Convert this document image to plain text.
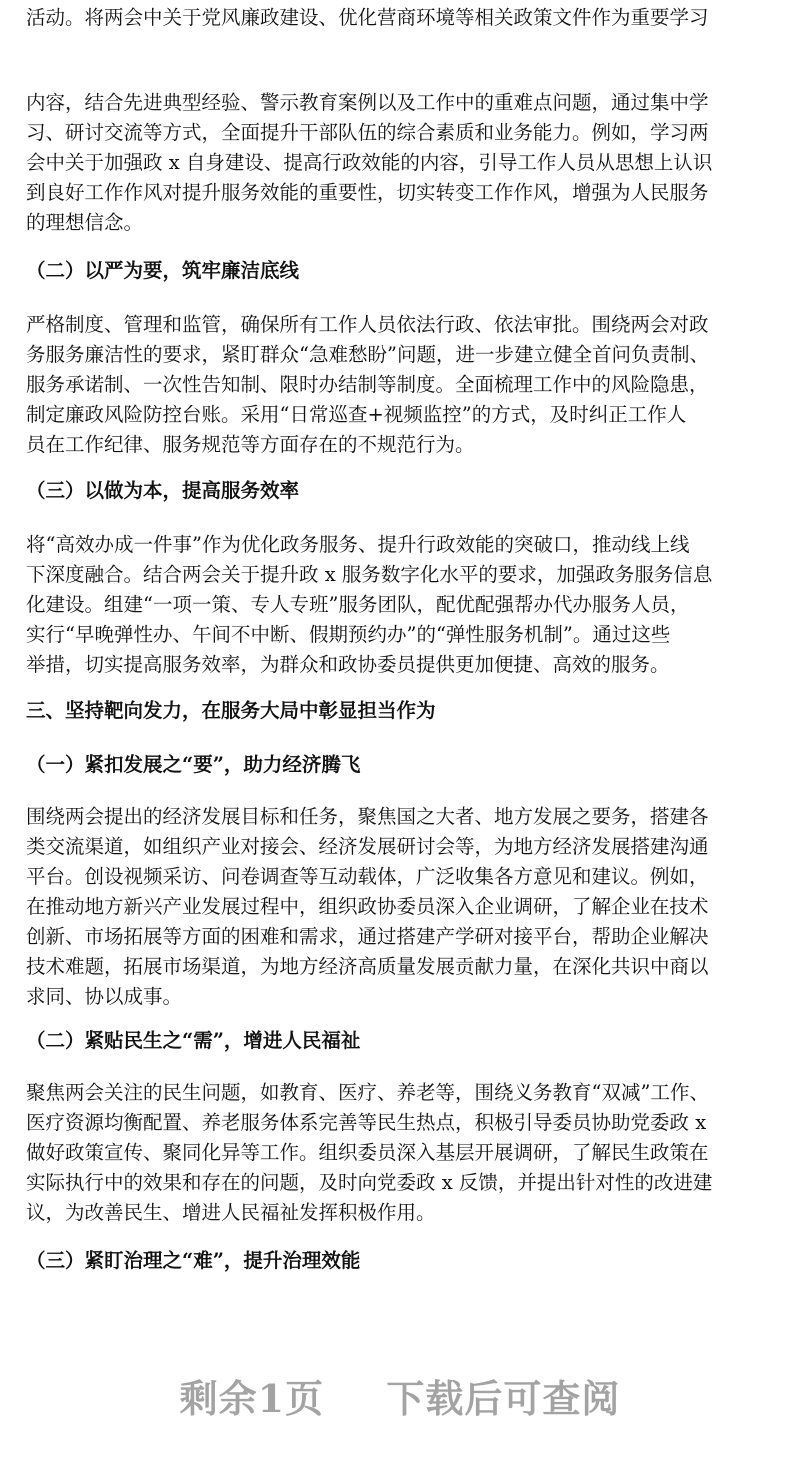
活动。将两会中关于党风廉政建设、优化营商环境等相关政策文件作为重要学习
内容，结合先进典型经验、警示教育案例以及工作中的重难点问题，通过集中学
习、研讨交流等方式，全面提升干部队伍的综合素质和业务能力。例如，学习两
会中关于加强政 x 自身建设、提高行政效能的内容，引导工作人员从思想上认识
到良好工作作风对提升服务效能的重要性，切实转变工作作风，增强为人民服务
的理想信念。
（二）以严为要，筑牢廉洁底线
严格制度、管理和监管，确保所有工作人员依法行政、依法审批。围绕两会对政
务服务廉洁性的要求，紧盯群众“急难愁盼”问题，进一步建立健全首问负责制、
服务承诺制、一次性告知制、限时办结制等制度。全面梳理工作中的风险隐患，
制定廉政风险防控台账。采用“日常巡查+视频监控”的方式，及时纠正工作人
员在工作纪律、服务规范等方面存在的不规范行为。
（三）以做为本，提高服务效率
将“高效办成一件事”作为优化政务服务、提升行政效能的突破口，推动线上线
下深度融合。结合两会关于提升政 x 服务数字化水平的要求，加强政务服务信息
化建设。组建“一项一策、专人专班”服务团队，配优配强帮办代办服务人员，
实行“早晚弹性办、午间不中断、假期预约办”的“弹性服务机制”。通过这些
举措，切实提高服务效率，为群众和政协委员提供更加便捷、高效的服务。
三、坚持靶向发力，在服务大局中彰显担当作为
（一）紧扣发展之“要”，助力经济腾飞
围绕两会提出的经济发展目标和任务，聚焦国之大者、地方发展之要务，搭建各
类交流渠道，如组织产业对接会、经济发展研讨会等，为地方经济发展搭建沟通
平台。创设视频采访、问卷调查等互动载体，广泛收集各方意见和建议。例如，
在推动地方新兴产业发展过程中，组织政协委员深入企业调研，了解企业在技术
创新、市场拓展等方面的困难和需求，通过搭建产学研对接平台，帮助企业解决
技术难题，拓展市场渠道，为地方经济高质量发展贡献力量，在深化共识中商以
求同、协以成事。
（二）紧贴民生之“需”，增进人民福祉
聚焦两会关注的民生问题，如教育、医疗、养老等，围绕义务教育“双减”工作、
医疗资源均衡配置、养老服务体系完善等民生热点，积极引导委员协助党委政 x
做好政策宣传、聚同化异等工作。组织委员深入基层开展调研，了解民生政策在
实际执行中的效果和存在的问题，及时向党委政 x 反馈，并提出针对性的改进建
议，为改善民生、增进人民福祉发挥积极作用。
（三）紧盯治理之“难”，提升治理效能
剩余1页 下载后可查阅
